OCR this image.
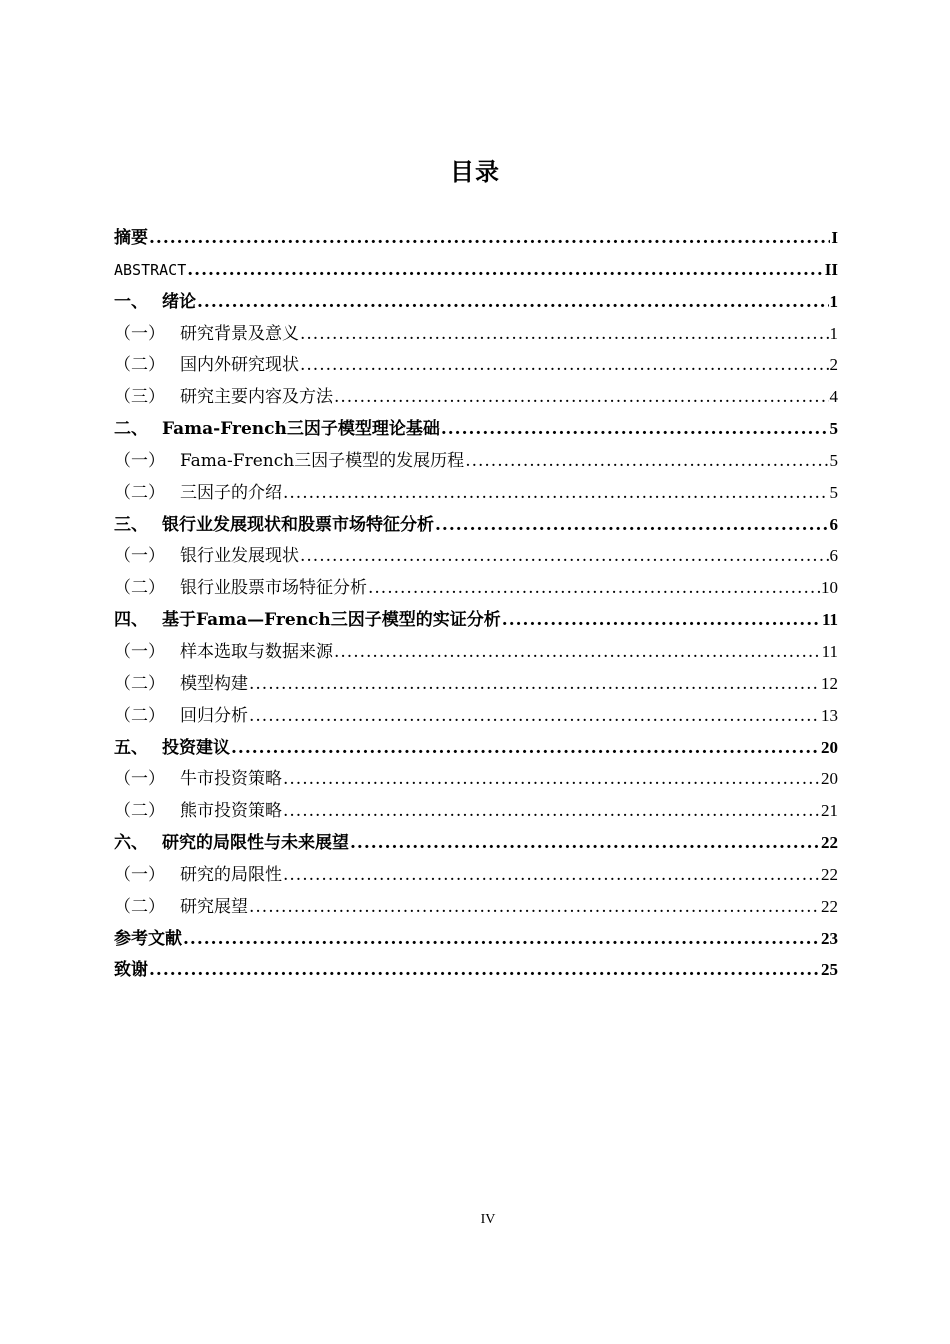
目录
摘要 .....	I
ABSTRACT .....	II
一、 绪论 .....	1
（一） 研究背景及意义 .....	1
（二） 国内外研究现状 .....	2
（三） 研究主要内容及方法 .....	4
二、 Fama-French三因子模型理论基础 .....	5
（一） Fama-French三因子模型的发展历程 .....	5
（二） 三因子的介绍 .....	5
三、 银行业发展现状和股票市场特征分析 .....	6
（一） 银行业发展现状 .....	6
（二） 银行业股票市场特征分析 .....	10
四、 基于Fama—French三因子模型的实证分析 .....	11
（一） 样本选取与数据来源 .....	11
（二） 模型构建 .....	12
（二） 回归分析 .....	13
五、 投资建议 .....	20
（一） 牛市投资策略 .....	20
（二） 熊市投资策略 .....	21
六、 研究的局限性与未来展望 .....	22
（一） 研究的局限性 .....	22
（二） 研究展望 .....	22
参考文献 .....	23
致谢 .....	25
IV
